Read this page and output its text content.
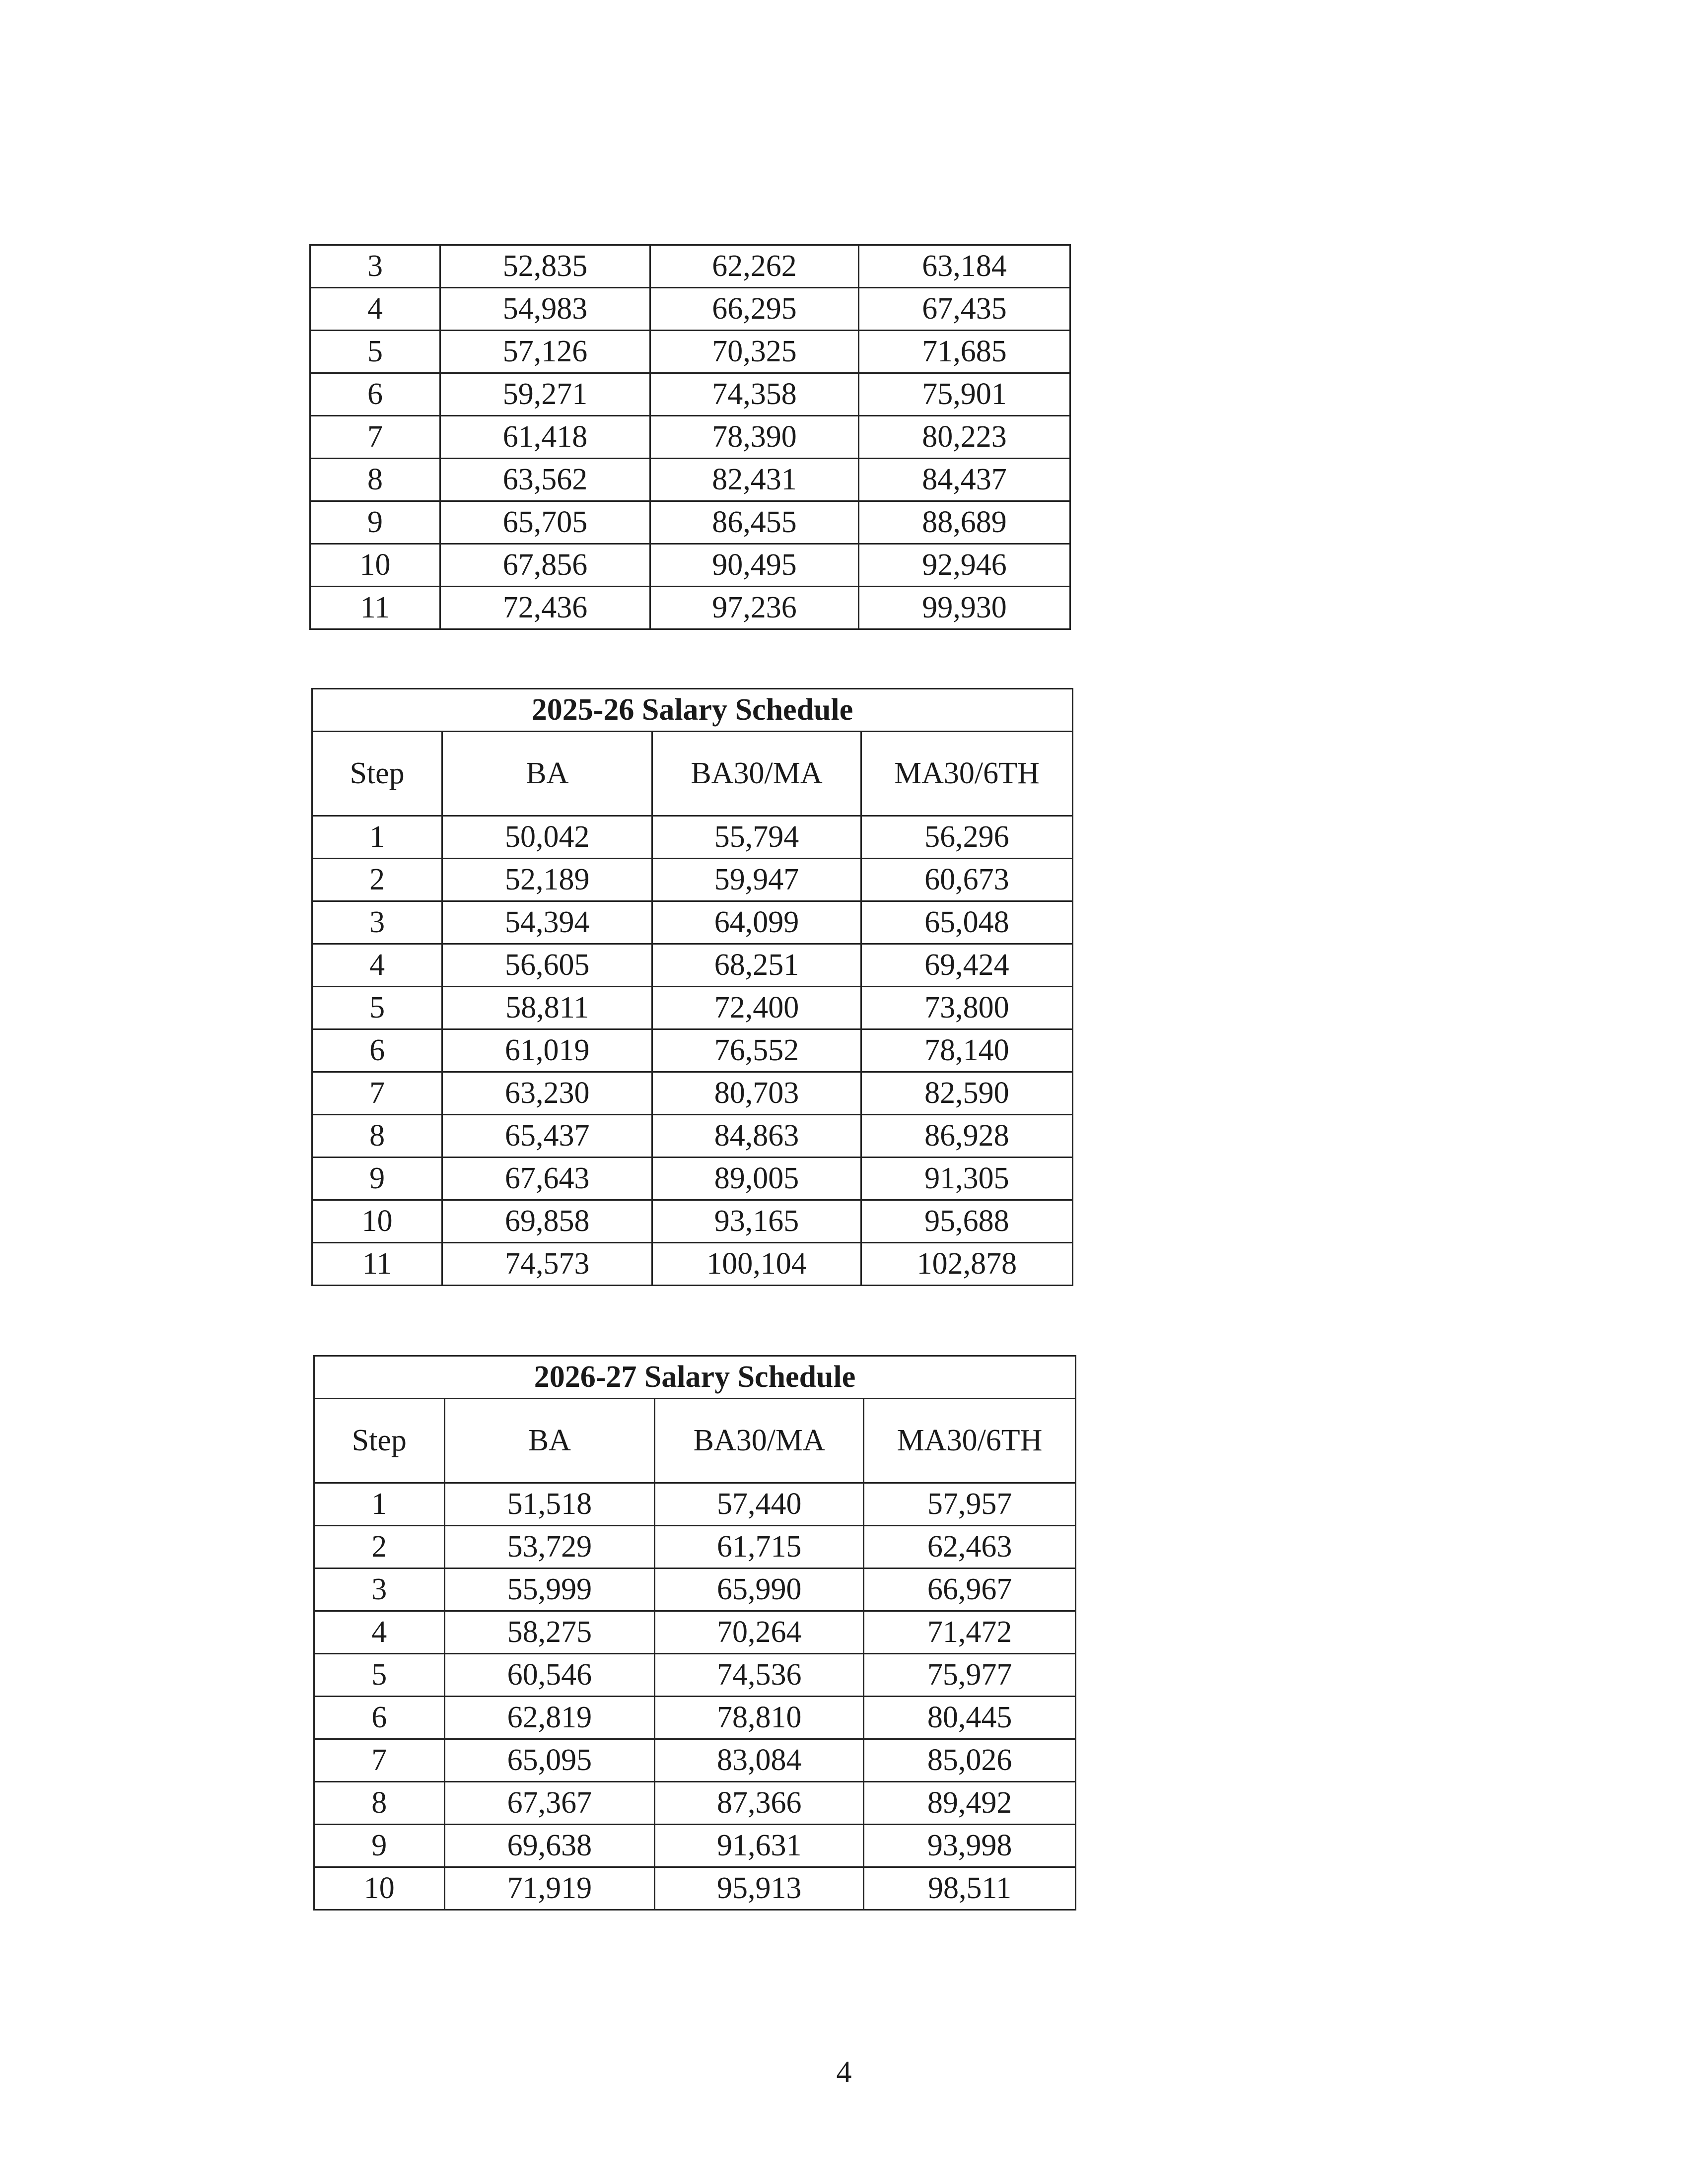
3	52,835	62,262	63,184
4	54,983	66,295	67,435
5	57,126	70,325	71,685
6	59,271	74,358	75,901
7	61,418	78,390	80,223
8	63,562	82,431	84,437
9	65,705	86,455	88,689
10	67,856	90,495	92,946
11	72,436	97,236	99,930
2025-26 Salary Schedule			
Step	BA	BA30/MA	MA30/6TH
1	50,042	55,794	56,296
2	52,189	59,947	60,673
3	54,394	64,099	65,048
4	56,605	68,251	69,424
5	58,811	72,400	73,800
6	61,019	76,552	78,140
7	63,230	80,703	82,590
8	65,437	84,863	86,928
9	67,643	89,005	91,305
10	69,858	93,165	95,688
11	74,573	100,104	102,878
2026-27 Salary Schedule			
Step	BA	BA30/MA	MA30/6TH
1	51,518	57,440	57,957
2	53,729	61,715	62,463
3	55,999	65,990	66,967
4	58,275	70,264	71,472
5	60,546	74,536	75,977
6	62,819	78,810	80,445
7	65,095	83,084	85,026
8	67,367	87,366	89,492
9	69,638	91,631	93,998
10	71,919	95,913	98,511
4
